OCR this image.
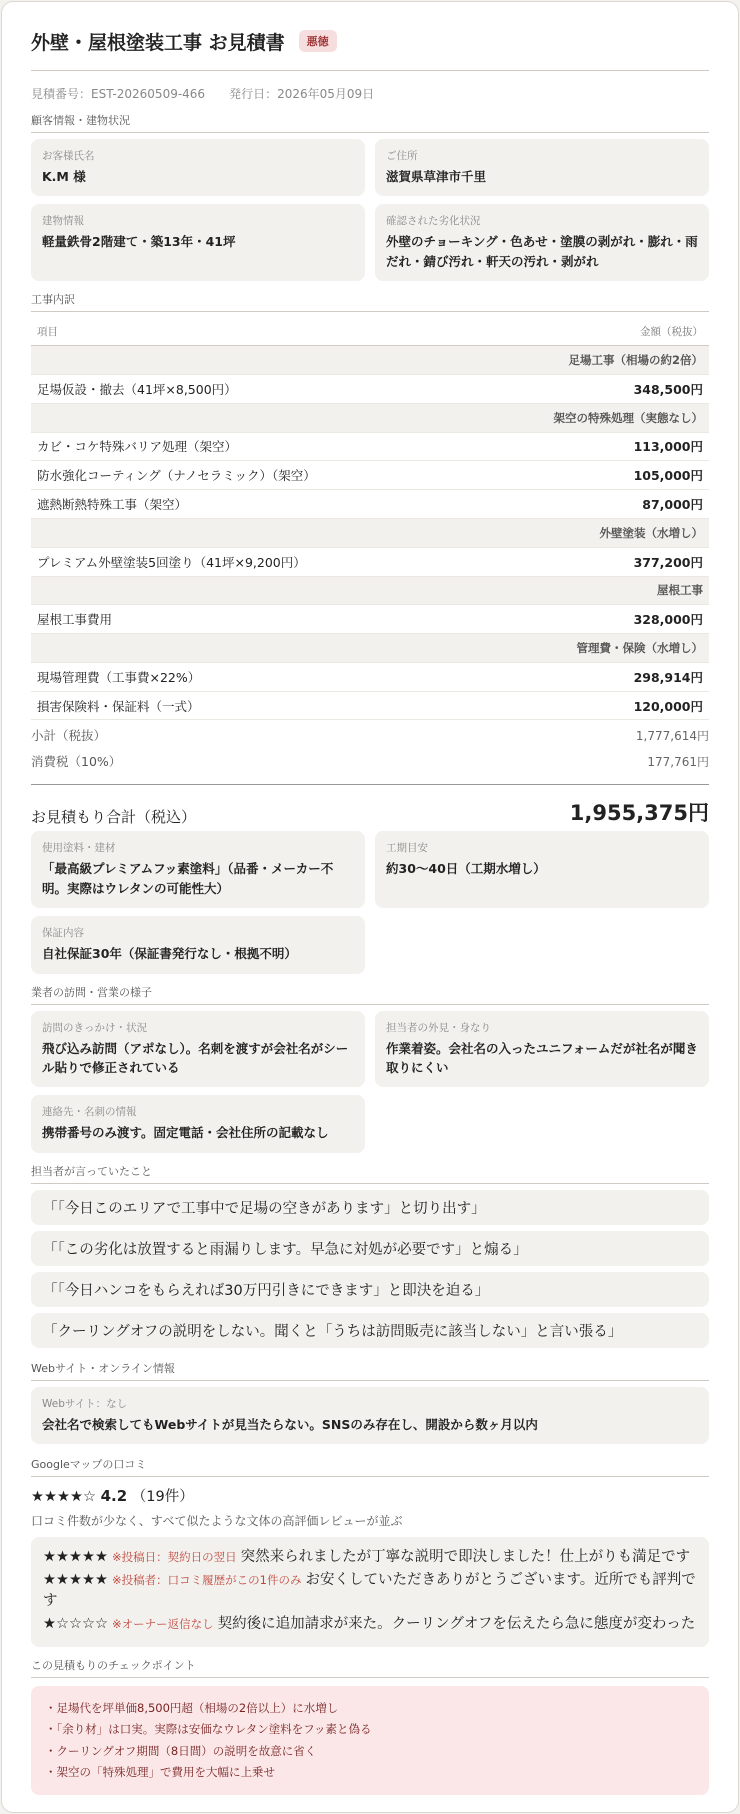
外壁・屋根塗装工事 お見積書	悪徳
見積番号：EST-20260509-466 発行日：2026年05月09日
顧客情報・建物状況
お客様氏名
K.M 様
ご住所
滋賀県草津市千里
建物情報
軽量鉄骨2階建て・築13年・41坪
確認された劣化状況
外壁のチョーキング・色あせ・塗膜の剥がれ・膨れ・雨だれ・錆び汚れ・軒天の汚れ・剥がれ
工事内訳
項目	金額（税抜）
足場工事（相場の約2倍）	
足場仮設・撤去（41坪×8,500円）	348,500円
架空の特殊処理（実態なし）	
カビ・コケ特殊バリア処理（架空）	113,000円
防水強化コーティング（ナノセラミック）（架空）	105,000円
遮熱断熱特殊工事（架空）	87,000円
外壁塗装（水増し）	
プレミアム外壁塗装5回塗り（41坪×9,200円）	377,200円
屋根工事	
屋根工事費用	328,000円
管理費・保険（水増し）	
現場管理費（工事費×22%）	298,914円
損害保険料・保証料（一式）	120,000円
小計（税抜）	1,777,614円
消費税（10%）	177,761円
お見積もり合計（税込）	1,955,375円
使用塗料・建材
「最高級プレミアムフッ素塗料」（品番・メーカー不明。実際はウレタンの可能性大）
工期目安
約30〜40日（工期水増し）
保証内容
自社保証30年（保証書発行なし・根拠不明）
業者の訪問・営業の様子
訪問のきっかけ・状況
飛び込み訪問（アポなし）。名刺を渡すが会社名がシール貼りで修正されている
担当者の外見・身なり
作業着姿。会社名の入ったユニフォームだが社名が聞き取りにくい
連絡先・名刺の情報
携帯番号のみ渡す。固定電話・会社住所の記載なし
担当者が言っていたこと
「「今日このエリアで工事中で足場の空きがあります」と切り出す」
「「この劣化は放置すると雨漏りします。早急に対処が必要です」と煽る」
「「今日ハンコをもらえれば30万円引きにできます」と即決を迫る」
「クーリングオフの説明をしない。聞くと「うちは訪問販売に該当しない」と言い張る」
Webサイト・オンライン情報
Webサイト：なし
会社名で検索してもWebサイトが見当たらない。SNSのみ存在し、開設から数ヶ月以内
Googleマップの口コミ
★★★★☆ 4.2 （19件）
口コミ件数が少なく、すべて似たような文体の高評価レビューが並ぶ
★★★★★ ※投稿日：契約日の翌日 突然来られましたが丁寧な説明で即決しました！仕上がりも満足です
★★★★★ ※投稿者：口コミ履歴がこの1件のみ お安くしていただきありがとうございます。近所でも評判です
★☆☆☆☆ ※オーナー返信なし 契約後に追加請求が来た。クーリングオフを伝えたら急に態度が変わった
この見積もりのチェックポイント
・ 足場代を坪単価8,500円超（相場の2倍以上）に水増し
・ 「余り材」は口実。実際は安価なウレタン塗料をフッ素と偽る
・ クーリングオフ期間（8日間）の説明を故意に省く
・ 架空の「特殊処理」で費用を大幅に上乗せ
